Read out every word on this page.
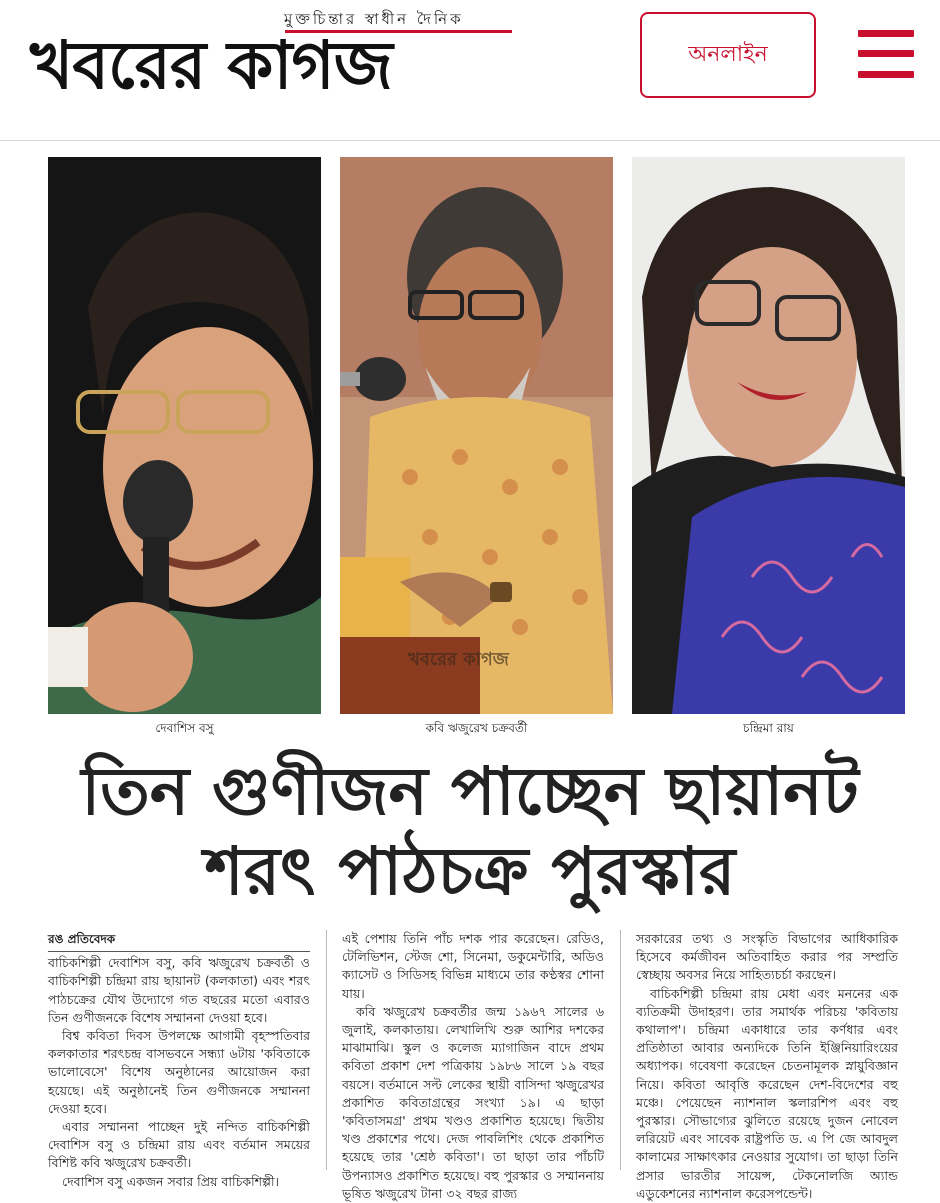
মুক্তচিন্তার স্বাধীন দৈনিক
খবরের কাগজ	অনলাইন
খবরের কাগজ
দেবাশিস বসু	কবি ঋজুরেখ চক্রবর্তী	চন্দ্রিমা রায়
তিন গুণীজন পাচ্ছেন ছায়ানট
শরৎ পাঠচক্র পুরস্কার

রঙ প্রতিবেদক

বাচিকশিল্পী দেবাশিস বসু, কবি ঋজুরেখ চক্রবর্তী ও বাচিকশিল্পী চন্দ্রিমা রায় ছায়ানট (কলকাতা) এবং শরৎ পাঠচক্রের যৌথ উদ্যোগে গত বছরের মতো এবারও তিন গুণীজনকে বিশেষ সম্মাননা দেওয়া হবে।

বিশ্ব কবিতা দিবস উপলক্ষে আগামী বৃহস্পতিবার কলকাতার শরৎচন্দ্র বাসভবনে সন্ধ্যা ৬টায় 'কবিতাকে ভালোবেসে' বিশেষ অনুষ্ঠানের আয়োজন করা হয়েছে। এই অনুষ্ঠানেই তিন গুণীজনকে সম্মাননা দেওয়া হবে।

এবার সম্মাননা পাচ্ছেন দুই নন্দিত বাচিকশিল্পী দেবাশিস বসু ও চন্দ্রিমা রায় এবং বর্তমান সময়ের বিশিষ্ট কবি ঋজুরেখ চক্রবর্তী।

দেবাশিস বসু একজন সবার প্রিয় বাচিকশিল্পী।

এই পেশায় তিনি পাঁচ দশক পার করেছেন। রেডিও, টেলিভিশন, স্টেজ শো, সিনেমা, ডকুমেন্টারি, অডিও ক্যাসেট ও সিডিসহ বিভিন্ন মাধ্যমে তার কণ্ঠস্বর শোনা যায়।

কবি ঋজুরেখ চক্রবর্তীর জন্ম ১৯৬৭ সালের ৬ জুলাই, কলকাতায়। লেখালিখি শুরু আশির দশকের মাঝামাঝি। স্কুল ও কলেজ ম্যাগাজিন বাদে প্রথম কবিতা প্রকাশ দেশ পত্রিকায় ১৯৮৬ সালে ১৯ বছর বয়সে। বর্তমানে সল্ট লেকের স্থায়ী বাসিন্দা ঋজুরেখর প্রকাশিত কবিতাগ্রন্থের সংখ্যা ১৯। এ ছাড়া 'কবিতাসমগ্র' প্রথম খণ্ডও প্রকাশিত হয়েছে। দ্বিতীয় খণ্ড প্রকাশের পথে। দেজ পাবলিশিং থেকে প্রকাশিত হয়েছে তার 'শ্রেষ্ঠ কবিতা'। তা ছাড়া তার পাঁচটি উপন্যাসও প্রকাশিত হয়েছে। বহু পুরস্কার ও সম্মাননায় ভূষিত ঋজুরেখ টানা ৩২ বছর রাজ্য

সরকারের তথ্য ও সংস্কৃতি বিভাগের আধিকারিক হিসেবে কর্মজীবন অতিবাহিত করার পর সম্প্রতি স্বেচ্ছায় অবসর নিয়ে সাহিত্যচর্চা করছেন।

বাচিকশিল্পী চন্দ্রিমা রায় মেধা এবং মননের এক ব্যতিক্রমী উদাহরণ। তার সমার্থক পরিচয় 'কবিতায় কথালাপ'। চন্দ্রিমা একাধারে তার কর্ণধার এবং প্রতিষ্ঠাতা আবার অন্যদিকে তিনি ইঞ্জিনিয়ারিংয়ের অধ্যাপক। গবেষণা করেছেন চেতনামূলক স্নায়ুবিজ্ঞান নিয়ে। কবিতা আবৃত্তি করেছেন দেশ-বিদেশের বহু মঞ্চে। পেয়েছেন ন্যাশনাল স্কলারশিপ এবং বহু পুরস্কার। সৌভাগ্যের ঝুলিতে রয়েছে দুজন নোবেল লরিয়েট এবং সাবেক রাষ্ট্রপতি ড. এ পি জে আবদুল কালামের সাক্ষাৎকার নেওয়ার সুযোগ। তা ছাড়া তিনি প্রসার ভারতীর সায়েন্স, টেকনোলজি অ্যান্ড এডুকেশনের ন্যাশনাল করেসপন্ডেন্ট।
